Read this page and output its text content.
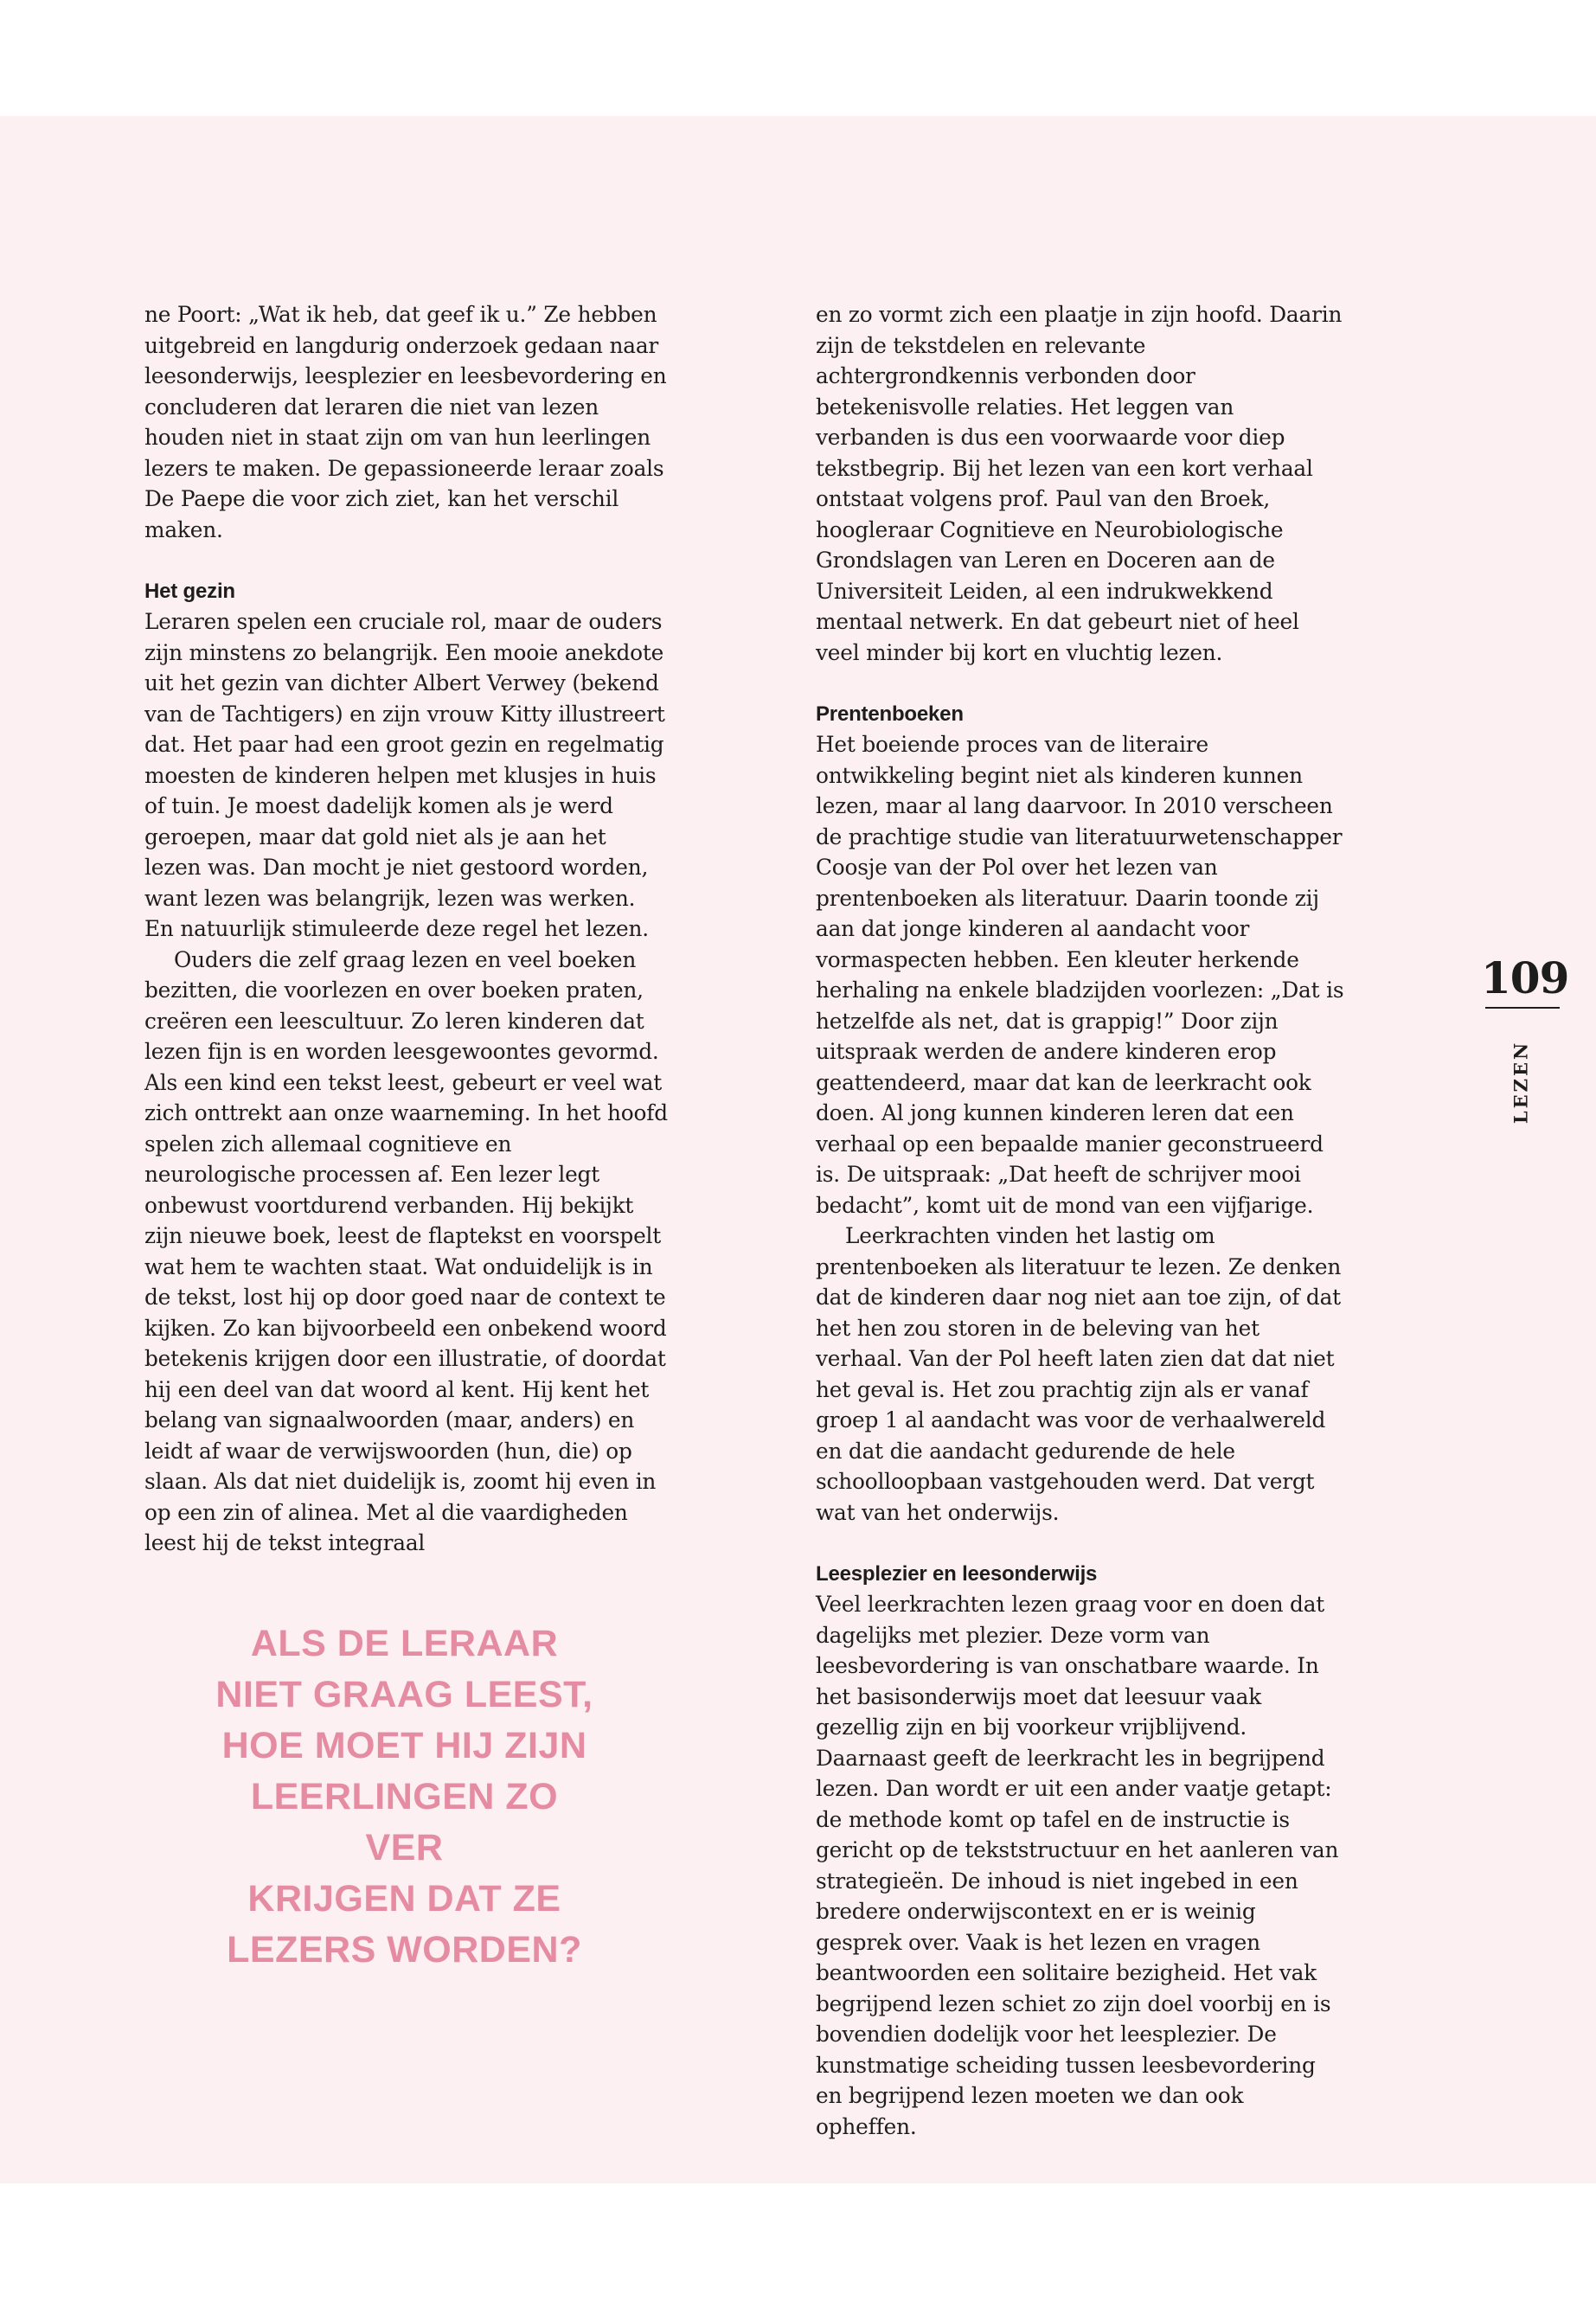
ne Poort: „Wat ik heb, dat geef ik u.” Ze hebben uitgebreid en langdurig onderzoek gedaan naar leesonderwijs, leesplezier en leesbevordering en concluderen dat leraren die niet van lezen houden niet in staat zijn om van hun leerlingen lezers te maken. De gepassioneerde leraar zoals De Paepe die voor zich ziet, kan het verschil maken.

Het gezin

Leraren spelen een cruciale rol, maar de ouders zijn minstens zo belangrijk. Een mooie anekdote uit het gezin van dichter Albert Verwey (bekend van de Tachtigers) en zijn vrouw Kitty illustreert dat. Het paar had een groot gezin en regelmatig moesten de kinderen helpen met klusjes in huis of tuin. Je moest dadelijk komen als je werd geroepen, maar dat gold niet als je aan het lezen was. Dan mocht je niet gestoord worden, want lezen was belangrijk, lezen was werken. En natuurlijk stimuleerde deze regel het lezen.

Ouders die zelf graag lezen en veel boeken bezitten, die voorlezen en over boeken praten, creëren een leescultuur. Zo leren kinderen dat lezen fijn is en worden leesgewoontes gevormd. Als een kind een tekst leest, gebeurt er veel wat zich onttrekt aan onze waarneming. In het hoofd spelen zich allemaal cognitieve en neurologische processen af. Een lezer legt onbewust voortdurend verbanden. Hij bekijkt zijn nieuwe boek, leest de flaptekst en voorspelt wat hem te wachten staat. Wat onduidelijk is in de tekst, lost hij op door goed naar de context te kijken. Zo kan bijvoorbeeld een onbekend woord betekenis krijgen door een illustratie, of doordat hij een deel van dat woord al kent. Hij kent het belang van signaalwoorden (maar, anders) en leidt af waar de verwijswoorden (hun, die) op slaan. Als dat niet duidelijk is, zoomt hij even in op een zin of alinea. Met al die vaardigheden leest hij de tekst integraal

en zo vormt zich een plaatje in zijn hoofd. Daarin zijn de tekstdelen en relevante achtergrondkennis verbonden door betekenisvolle relaties. Het leggen van verbanden is dus een voorwaarde voor diep tekstbegrip. Bij het lezen van een kort verhaal ontstaat volgens prof. Paul van den Broek, hoogleraar Cognitieve en Neurobiologische Grondslagen van Leren en Doceren aan de Universiteit Leiden, al een indrukwekkend mentaal netwerk. En dat gebeurt niet of heel veel minder bij kort en vluchtig lezen.

Prentenboeken

Het boeiende proces van de literaire ontwikkeling begint niet als kinderen kunnen lezen, maar al lang daarvoor. In 2010 verscheen de prachtige studie van literatuurwetenschapper Coosje van der Pol over het lezen van prentenboeken als literatuur. Daarin toonde zij aan dat jonge kinderen al aandacht voor vormaspecten hebben. Een kleuter herkende herhaling na enkele bladzijden voorlezen: „Dat is hetzelfde als net, dat is grappig!” Door zijn uitspraak werden de andere kinderen erop geattendeerd, maar dat kan de leerkracht ook doen. Al jong kunnen kinderen leren dat een verhaal op een bepaalde manier geconstrueerd is. De uitspraak: „Dat heeft de schrijver mooi bedacht”, komt uit de mond van een vijfjarige.

Leerkrachten vinden het lastig om prentenboeken als literatuur te lezen. Ze denken dat de kinderen daar nog niet aan toe zijn, of dat het hen zou storen in de beleving van het verhaal. Van der Pol heeft laten zien dat dat niet het geval is. Het zou prachtig zijn als er vanaf groep 1 al aandacht was voor de verhaalwereld en dat die aandacht gedurende de hele schoolloopbaan vastgehouden werd. Dat vergt wat van het onderwijs.

Leesplezier en leesonderwijs

Veel leerkrachten lezen graag voor en doen dat dagelijks met plezier. Deze vorm van leesbevordering is van onschatbare waarde. In het basisonderwijs moet dat leesuur vaak gezellig zijn en bij voorkeur vrijblijvend. Daarnaast geeft de leerkracht les in begrijpend lezen. Dan wordt er uit een ander vaatje getapt: de methode komt op tafel en de instructie is gericht op de tekststructuur en het aanleren van strategieën. De inhoud is niet ingebed in een bredere onderwijscontext en er is weinig gesprek over. Vaak is het lezen en vragen beantwoorden een solitaire bezigheid. Het vak begrijpend lezen schiet zo zijn doel voorbij en is bovendien dodelijk voor het leesplezier. De kunstmatige scheiding tussen leesbevordering en begrijpend lezen moeten we dan ook opheffen.

ALS DE LERAAR
NIET GRAAG LEEST,
HOE MOET HIJ ZIJN
LEERLINGEN ZO VER
KRIJGEN DAT ZE
LEZERS WORDEN?
109
LEZEN
